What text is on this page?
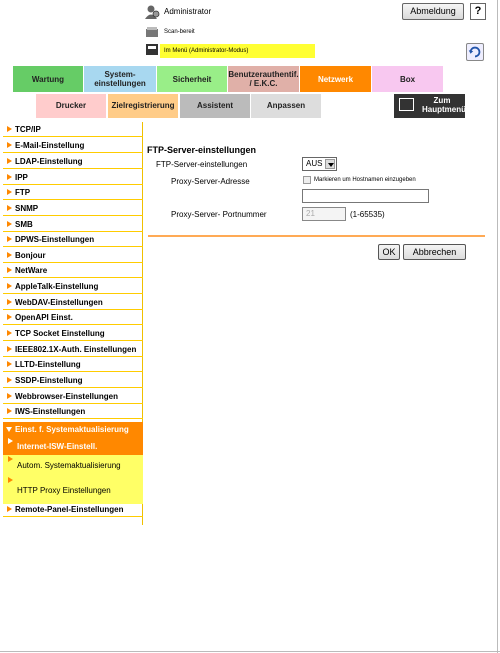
Administrator	Abmeldung	?
Scan-bereit
Im Menü (Administrator-Modus)
Wartung	System-einstellungen	Sicherheit	Benutzerauthentif. / E.K.C.	Netzwerk	Box
Drucker	Zielregistrierung	Assistent	Anpassen
Zum Hauptmenü
TCP/IP
E-Mail-Einstellung
LDAP-Einstellung
IPP
FTP
SNMP
SMB
DPWS-Einstellungen
Bonjour
NetWare
AppleTalk-Einstellung
WebDAV-Einstellungen
OpenAPI Einst.
TCP Socket Einstellung
IEEE802.1X-Auth. Einstellungen
LLTD-Einstellung
SSDP-Einstellung
Webbrowser-Einstellungen
IWS-Einstellungen
Einst. f. Systemaktualisierung
Internet-ISW-Einstell.
Autom. Systemaktualisierung
HTTP Proxy Einstellungen
Remote-Panel-Einstellungen
FTP-Server-einstellungen
FTP-Server-einstellungen	AUS
Proxy-Server-Adresse	Markieren um Hostnamen einzugeben
Proxy-Server- Portnummer	21	(1-65535)
OK	Abbrechen
